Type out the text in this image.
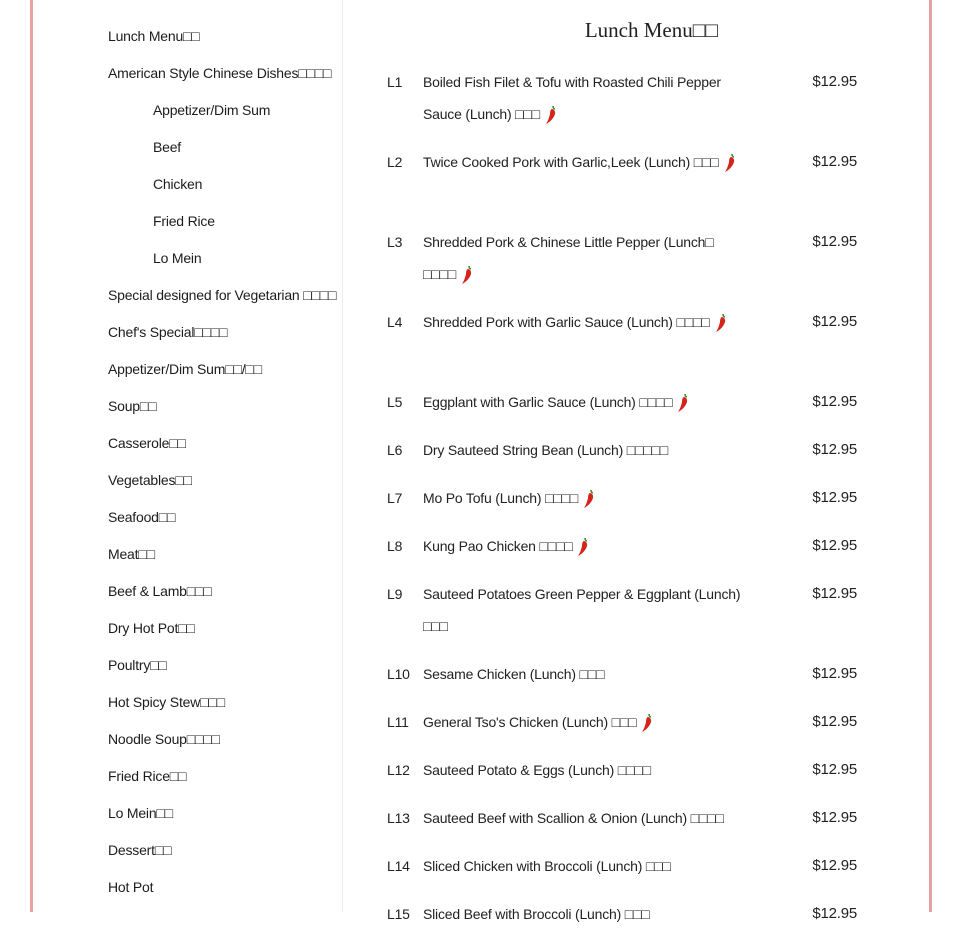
Lunch Menu□□
American Style Chinese Dishes□□□□
Appetizer/Dim Sum
Beef
Chicken
Fried Rice
Lo Mein
Special designed for Vegetarian □□□□
Chef's Special□□□□
Appetizer/Dim Sum□□/□□
Soup□□
Casserole□□
Vegetables□□
Seafood□□
Meat□□
Beef & Lamb□□□
Dry Hot Pot□□
Poultry□□
Hot Spicy Stew□□□
Noodle Soup□□□□
Fried Rice□□
Lo Mein□□
Dessert□□
Hot Pot
Lunch Menu□□
L1 Boiled Fish Filet & Tofu with Roasted Chili Pepper Sauce (Lunch) □□□
$12.95
L2 Twice Cooked Pork with Garlic,Leek (Lunch) □□□	$12.95
L3 Shredded Pork & Chinese Little Pepper (Lunch□ □□□□
$12.95
L4 Shredded Pork with Garlic Sauce (Lunch) □□□□	$12.95
L5 Eggplant with Garlic Sauce (Lunch) □□□□	$12.95
L6 Dry Sauteed String Bean (Lunch) □□□□□	$12.95
L7 Mo Po Tofu (Lunch) □□□□	$12.95
L8 Kung Pao Chicken □□□□	$12.95
L9 Sauteed Potatoes Green Pepper & Eggplant (Lunch) □□□
$12.95
L10 Sesame Chicken (Lunch) □□□	$12.95
L11 General Tso's Chicken (Lunch) □□□	$12.95
L12 Sauteed Potato & Eggs (Lunch) □□□□	$12.95
L13 Sauteed Beef with Scallion & Onion (Lunch) □□□□	$12.95
L14 Sliced Chicken with Broccoli (Lunch) □□□	$12.95
L15 Sliced Beef with Broccoli (Lunch) □□□	$12.95
